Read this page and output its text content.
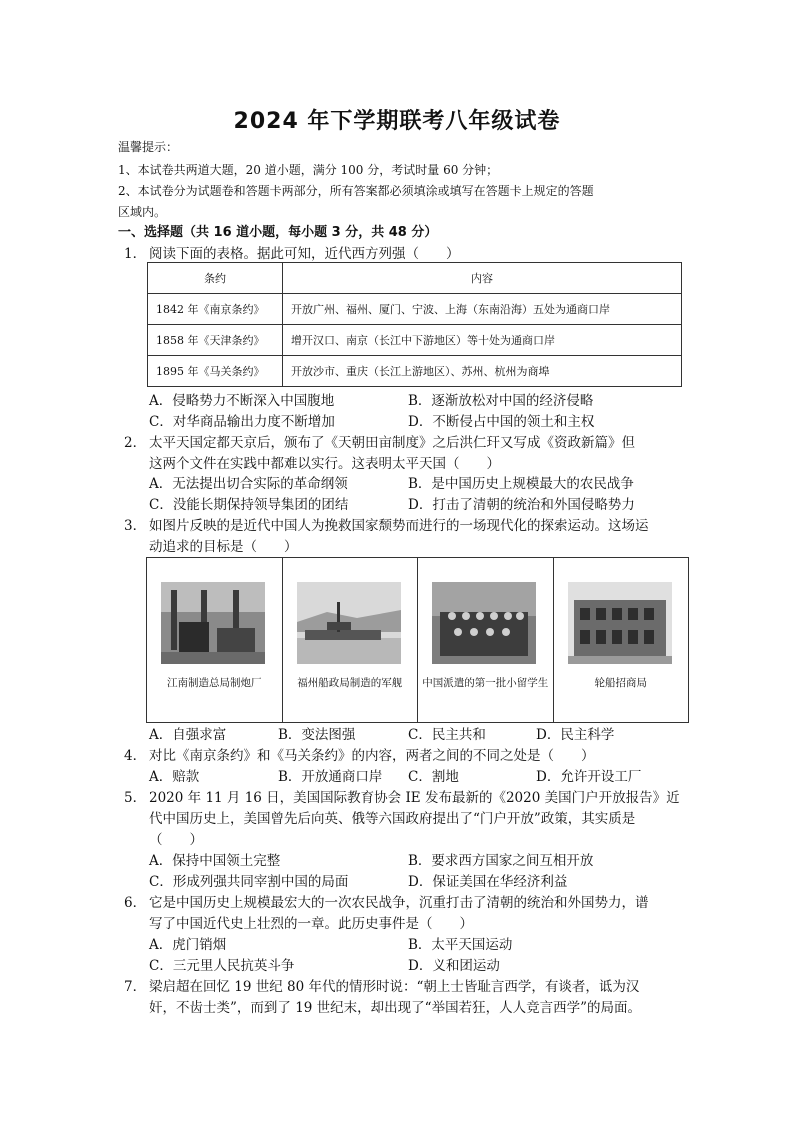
2024 年下学期联考八年级试卷
温馨提示：
1、本试卷共两道大题，20 道小题，满分 100 分，考试时量 60 分钟；
2、本试卷分为试题卷和答题卡两部分，所有答案都必须填涂或填写在答题卡上规定的答题
区域内。
一、选择题（共 16 道小题，每小题 3 分，共 48 分）
1． 阅读下面的表格。据此可知，近代西方列强（　　）
条约	内容
1842 年《南京条约》	开放广州、福州、厦门、宁波、上海（东南沿海）五处为通商口岸
1858 年《天津条约》	增开汉口、南京（长江中下游地区）等十处为通商口岸
1895 年《马关条约》	开放沙市、重庆（长江上游地区）、苏州、杭州为商埠
A．侵略势力不断深入中国腹地	B．逐渐放松对中国的经济侵略
C．对华商品输出力度不断增加	D．不断侵占中国的领土和主权
2． 太平天国定都天京后，颁布了《天朝田亩制度》之后洪仁玕又写成《资政新篇》但
这两个文件在实践中都难以实行。这表明太平天国（　　）
A．无法提出切合实际的革命纲领	B．是中国历史上规模最大的农民战争
C．没能长期保持领导集团的团结	D．打击了清朝的统治和外国侵略势力
3． 如图片反映的是近代中国人为挽救国家颓势而进行的一场现代化的探索运动。这场运
动追求的目标是（　　）
江南制造总局制炮厂	福州船政局制造的军舰	中国派遣的第一批小留学生	轮船招商局
A．自强求富	B．变法图强	C．民主共和	D．民主科学
4． 对比《南京条约》和《马关条约》的内容，两者之间的不同之处是（　　）
A．赔款	B．开放通商口岸 C．割地	D．允许开设工厂
5． 2020 年 11 月 16 日，美国国际教育协会 IE 发布最新的《2020 美国门户开放报告》近
代中国历史上，美国曾先后向英、俄等六国政府提出了“门户开放”政策，其实质是
（　　）
A．保持中国领土完整	B．要求西方国家之间互相开放
C．形成列强共同宰割中国的局面	D．保证美国在华经济利益
6． 它是中国历史上规模最宏大的一次农民战争，沉重打击了清朝的统治和外国势力，谱
写了中国近代史上壮烈的一章。此历史事件是（　　）
A．虎门销烟	B．太平天国运动
C．三元里人民抗英斗争	D．义和团运动
7． 梁启超在回忆 19 世纪 80 年代的情形时说：“朝上士皆耻言西学，有谈者，诋为汉
奸，不齿士类”，而到了 19 世纪末，却出现了“举国若狂，人人竞言西学”的局面。
